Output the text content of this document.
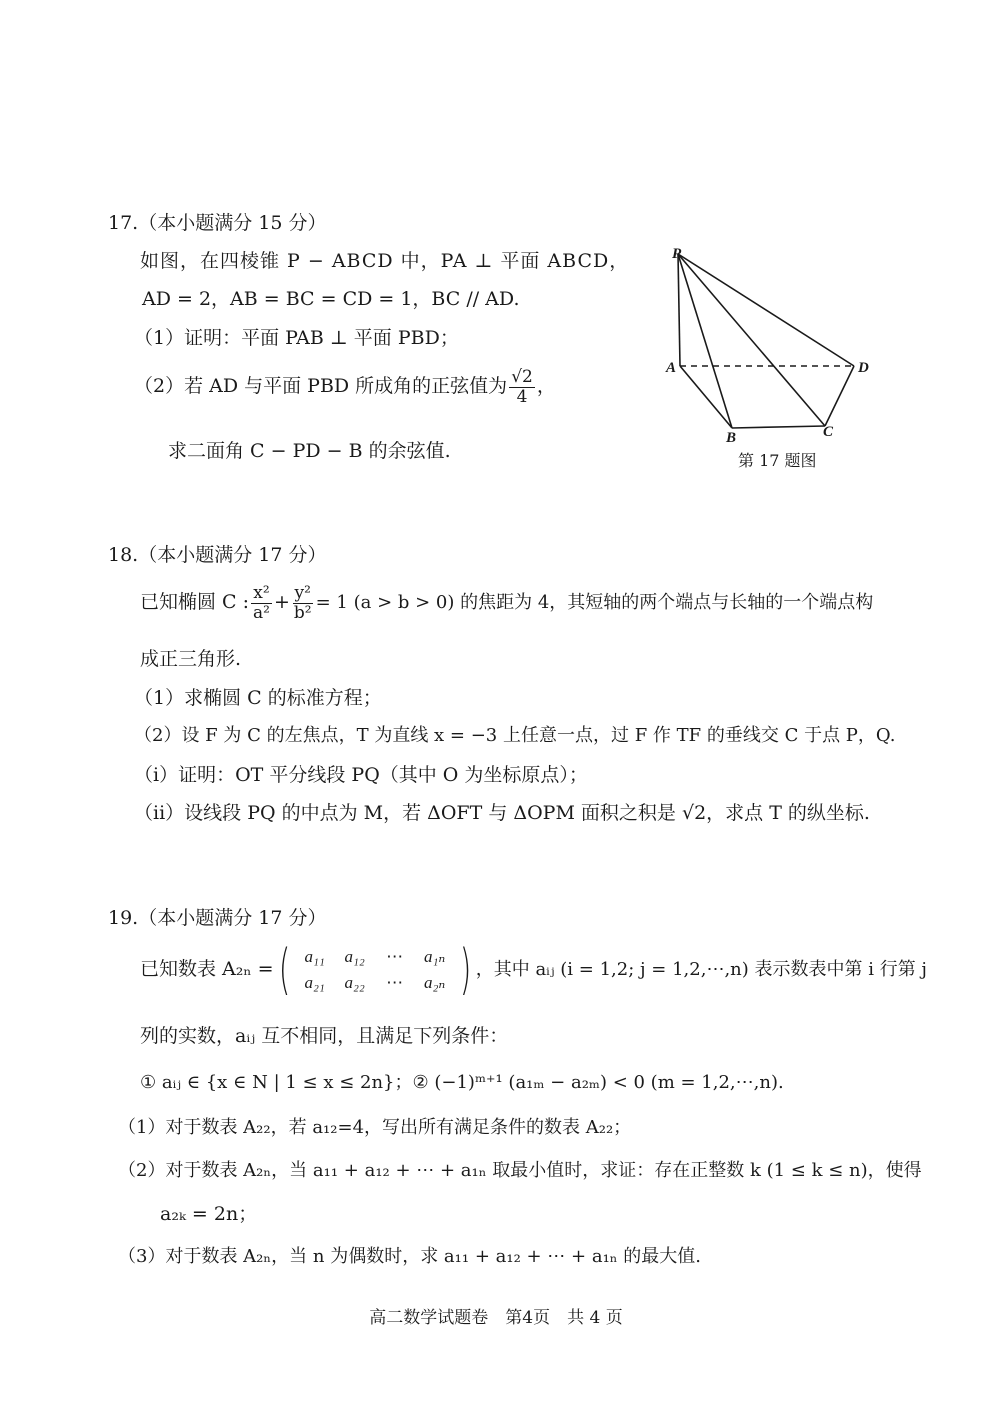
17.（本小题满分 15 分）
如图，在四棱锥 P − ABCD 中，PA ⊥ 平面 ABCD，
AD = 2，AB = BC = CD = 1，BC // AD.
（1）证明：平面 PAB ⊥ 平面 PBD；
（2）若 AD 与平面 PBD 所成角的正弦值为 $\frac{√2}{4}$ ，
求二面角 C − PD − B 的余弦值.
P
A
B	C
D
第 17 题图
18.（本小题满分 17 分）
已知椭圆 C : $\frac{\text{x²}}{\text{a²}} + \frac{\text{y²}}{\text{b²}} = 1$ (a > b > 0) 的焦距为 4，其短轴的两个端点与长轴的一个端点构
成正三角形.
（1）求椭圆 C 的标准方程；
（2）设 F 为 C 的左焦点，T 为直线 x = −3 上任意一点，过 F 作 TF 的垂线交 C 于点 P，Q.
（i）证明：OT 平分线段 PQ（其中 O 为坐标原点）；
（ii）设线段 PQ 的中点为 M，若 ΔOFT 与 ΔOPM 面积之积是 √2，求点 T 的纵坐标.
19.（本小题满分 17 分）
已知数表 A₂ₙ = ( a₁₁	a₁₂	⋯	a₁ₙ
a₂₁	a₂₂	⋯	a₂ₙ ) ，其中 aᵢⱼ (i = 1,2; j = 1,2,⋯,n) 表示数表中第 i 行第 j
列的实数，aᵢⱼ 互不相同，且满足下列条件：
① aᵢⱼ ∈ {x ∈ N | 1 ≤ x ≤ 2n}；② (−1)ᵐ⁺¹ (a₁ₘ − a₂ₘ) < 0 (m = 1,2,⋯,n).
（1）对于数表 A₂₂，若 a₁₂=4，写出所有满足条件的数表 A₂₂；
（2）对于数表 A₂ₙ，当 a₁₁ + a₁₂ + ⋯ + a₁ₙ 取最小值时，求证：存在正整数 k (1 ≤ k ≤ n)，使得
a₂ₖ = 2n；
（3）对于数表 A₂ₙ，当 n 为偶数时，求 a₁₁ + a₁₂ + ⋯ + a₁ₙ 的最大值.
高二数学试题卷　第4页　共 4 页
